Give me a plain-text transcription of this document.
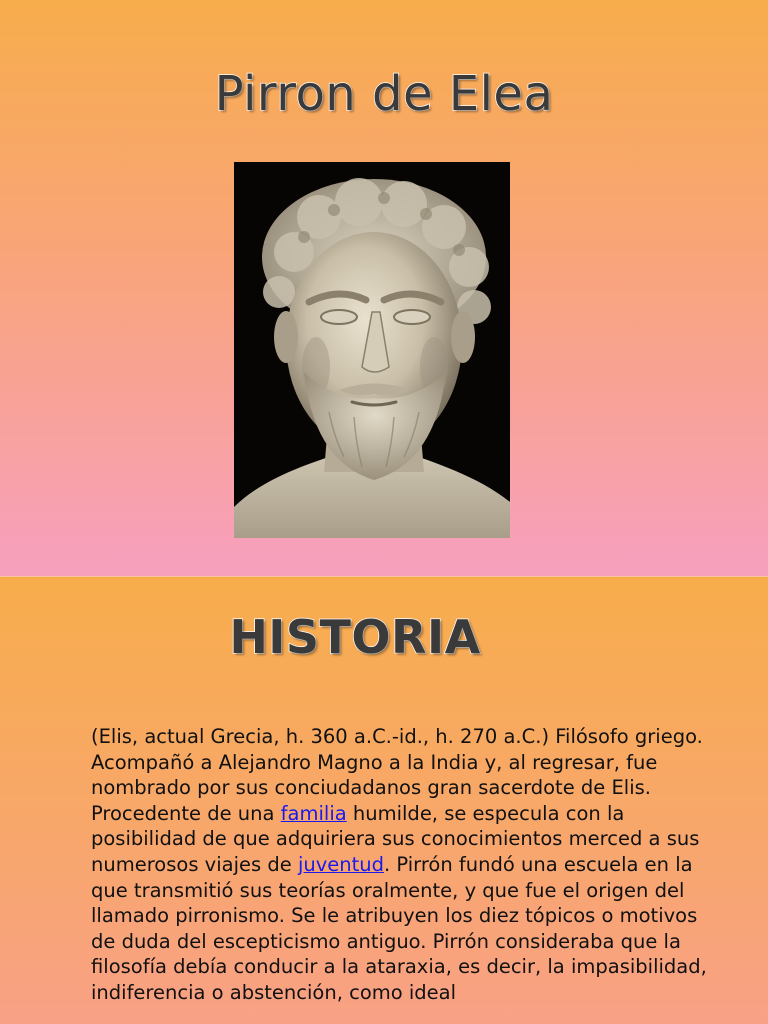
Pirron de Elea
HISTORIA

(Elis, actual Grecia, h. 360 a.C.-id., h. 270 a.C.) Filósofo griego. Acompañó a Alejandro Magno a la India y, al regresar, fue nombrado por sus conciudadanos gran sacerdote de Elis. Procedente de una familia humilde, se especula con la posibilidad de que adquiriera sus conocimientos merced a sus numerosos viajes de juventud. Pirrón fundó una escuela en la que transmitió sus teorías oralmente, y que fue el origen del llamado pirronismo. Se le atribuyen los diez tópicos o motivos de duda del escepticismo antiguo. Pirrón consideraba que la filosofía debía conducir a la ataraxia, es decir, la impasibilidad, indiferencia o abstención, como ideal
